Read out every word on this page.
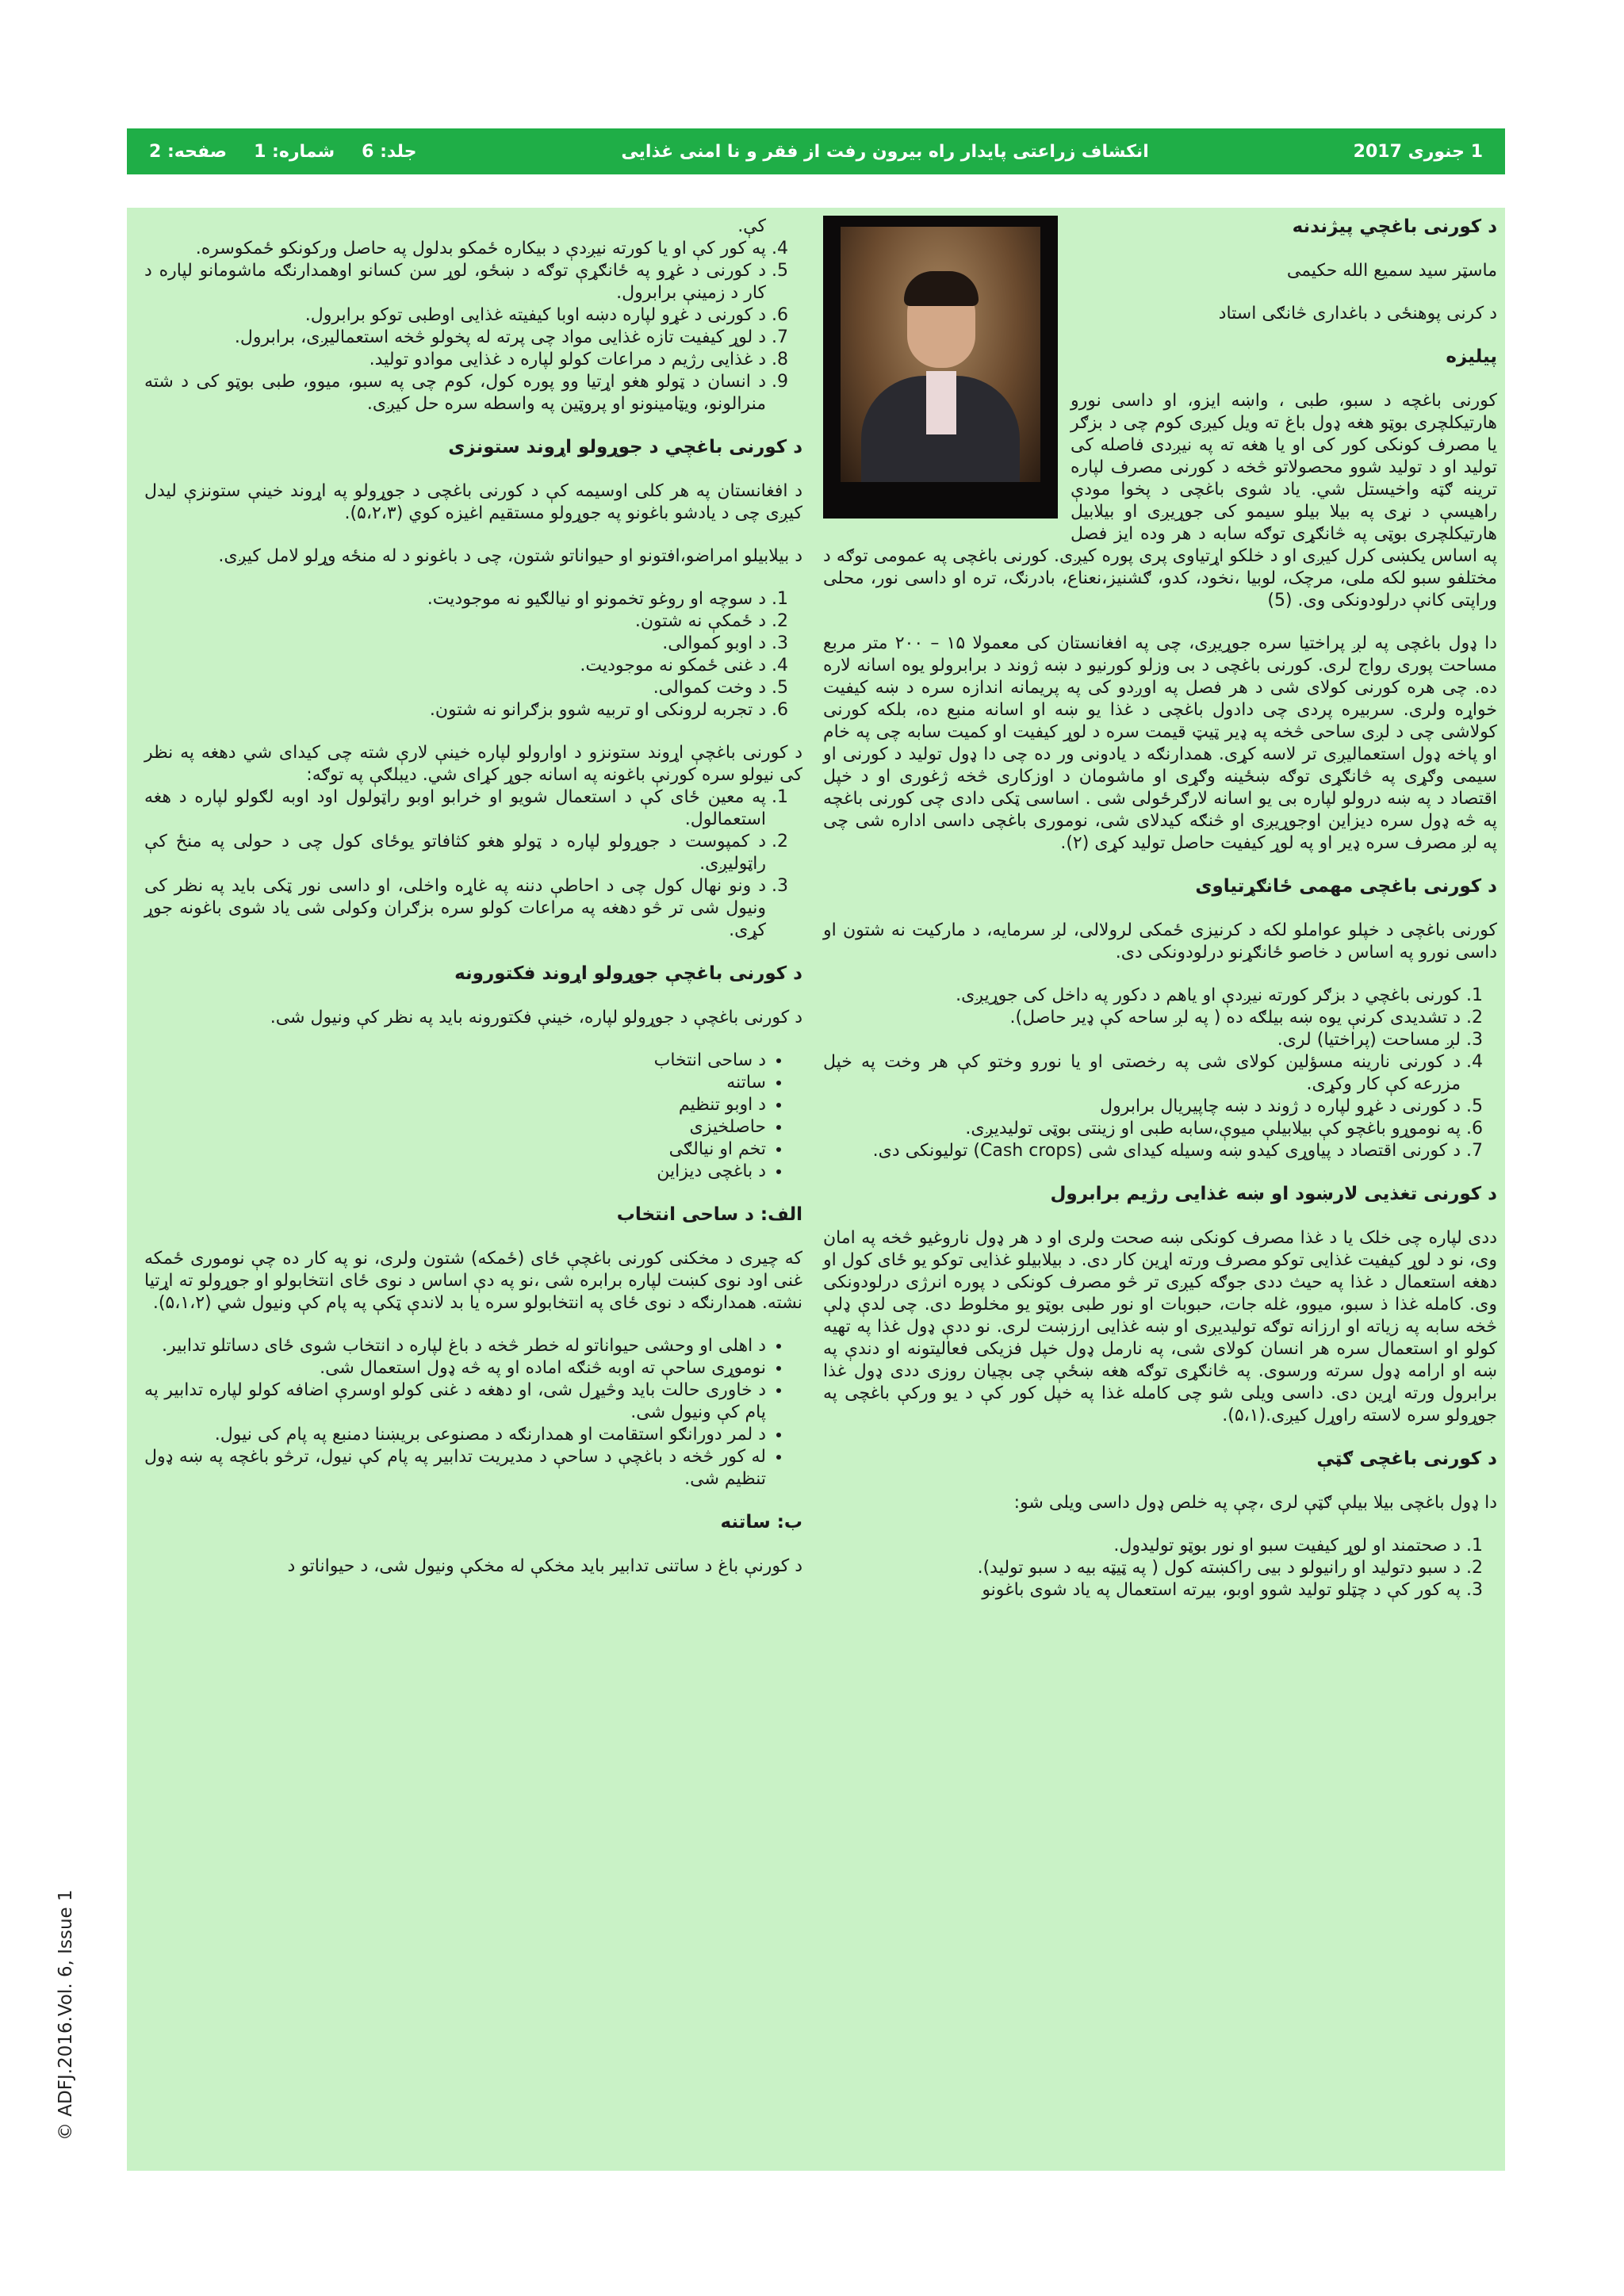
1 جنوری 2017
انکشاف زراعتی پایدار راه بیرون رفت از فقر و نا امنی غذایی
جلد: 6
شماره: 1
صفحه: 2
د کورنی باغچي پیژندنه

ماسټر سید سمیع الله حکیمی

د کرنی پوهنځی د باغداری څانګی استاد

پیلیزه

کورنی باغچه د سبو، طبی ، واښه ایزو، او داسی نورو هارتیکلچری بوټو هغه ډول باغ ته ویل کیږی کوم چی د بزګر یا مصرف کونکی کور کی او یا هغه ته په نیږدی فاصله کی تولید او د تولید شوو محصولاتو څخه د کورنی مصرف لپاره ترینه ګټه واخیستل شي. یاد شوی باغچی د پخوا مودې راهیسې د نړی په بیلا بیلو سیمو کی جوړیږی او بیلابیل هارتیکلچری بوټی په څانګړی توګه سابه د هر وده ایز فصل په اساس یکښی کرل کیږی او د خلکو اړتیاوی پری پوره کیږی. کورنی باغچی په عمومی توګه د مختلفو سبو لکه ملی، مرچک، لوبیا ،نخود، کدو، ګشنیز،نعناع، بادرنګ، تره او داسی نور، محلی وراپتی کانې درلودونکی وی. (5)

دا ډول باغچی په لږ پراختیا سره جوړیږی، چی په افغانستان کی معمولا ۱۵ – ۲۰۰ متر مربع مساحت پوری رواج لری. کورنی باغچی د بی وزلو کورنیو د ښه ژوند د برابرولو یوه اسانه لاره ده. چی هره کورنی کولای شی د هر فصل په اوږدو کی په پریمانه اندازه سره د ښه کیفیت خواړه ولری. سربیره پردی چی دادول باغچی د غذا یو ښه او اسانه منبع ده، بلکه کورنی کولاشی چی د لږی ساحی څخه په ډیر ټیټ قیمت سره د لوړ کیفیت او کمیت سابه چی په خام او پاخه ډول استعمالیږی تر لاسه کړی. همدارنګه د یادونی ور ده چی دا ډول تولید د کورنی او سیمی وګړی په څانګړی توګه ښځینه وګړی او ماشومان د اوزکاری څخه ژغوری او د خپل اقتصاد د په ښه درولو لپاره بی یو اسانه لارګرځولی شی . اساسی ټکی دادی چی کورنی باغچه په څه ډول سره دیزاین اوجوړیږی او څنګه کیدلای شی، نوموری باغچی داسی اداره شی چی په لږ مصرف سره ډیر او په لوړ کیفیت حاصل تولید کړی (۲).

د کورنی باغچی مهمی ځانګړتیاوی

کورنی باغچی د خپلو عواملو لکه د کرنیزی ځمکی لرولالی، لږ سرمایه، د مارکیت نه شتون او داسی نورو په اساس د خاصو ځانګړنو درلودونکی دی.

1. کورنی باغچي د بزګر کورته نیږدې او یاهم د دکور په داخل کی جوړیږی.
2. د تشدیدی کرنې یوه ښه بیلګه ده ( په لږ ساحه کې ډیر حاصل).
3. لږ مساحت (پراختیا) لری.
4. د کورنی نارینه مسؤلین کولای شی په رخصتی او یا نورو وختو کې هر وخت په خپل مزرعه کې کار وکړی.
5. د کورنی د غړو لپاره د ژوند د ښه چاپیریال برابرول
6. په نوموړو باغچو کې بیلابیلې میوې،سابه طبی او زینتی بوټی تولیدیږی.
7. د کورنی اقتصاد د پیاوړی کیدو ښه وسیله کیدای شی (Cash crops) تولیونکی دی.
د کورنی تغذیی لارښود او ښه غذایی رژیم برابرول

ددی لپاره چی خلک یا د غذا مصرف کونکی ښه صحت ولری او د هر ډول ناروغیو څخه په امان وی، نو د لوړ کیفیت غذایی توکو مصرف ورته اړین کار دی. د بیلابیلو غذایی توکو یو ځای کول او دهغه استعمال د غذا په حیث ددی جوګه کیږی تر څو مصرف کونکی د پوره انرژی درلودونکی وی. کامله غذا ذ سبو، میوو، غله جات، حبوبات او نور طبی بوټو یو مخلوط دی. چی لدې ډلې څخه سابه په زیاته او ارزانه توګه تولیدیږی او ښه غذایی ارزښت لری. نو ددې ډول غذا په تهیه کولو او استعمال سره هر انسان کولای شی، په نارمل ډول خپل فزیکی فعالیتونه او دندې په ښه او ارامه ډول سرته ورسوی. په څانګړی توګه هغه ښځې چی بچیان روزی ددی ډول غذا برابرول ورته اړین دی. داسی ویلی شو چی کامله غذا په خپل کور کې د یو ورکې باغچی په جوړولو سره لاسته راوړل کیږی.(۵،۱).

د کورنی باغچی ګټې

دا ډول باغچی بیلا بیلې ګټې لری ،چې په خلص ډول داسی ویلی شو:

1. د صحتمند او لوړ کیفیت سبو او نور بوټو تولیدول.
2. د سبو دتولید او رانیولو د بیی راکښته کول ( په ټیټه بیه د سبو تولید).
3. په کور کې د چټلو تولید شوو اوبو، بیرته استعمال په یاد شوی باغونو

کې.

4. په کور کې او یا کورته نیږدې د بیکاره ځمکو بدلول په حاصل ورکونکو ځمکوسره.
5. د کورنی د غړو په ځانګړې توګه د ښځو، لوړ سن کسانو اوهمدارنګه ماشومانو لپاره د کار د زمینې برابرول.
6. د کورنی د غړو لپاره دښه اوبا کیفیته غذایی اوطبی توکو برابرول.
7. د لوړ کیفیت تازه غذایی مواد چی پرته له پخولو څخه استعمالیږی، برابرول.
8. د غذایی رژیم د مراعات کولو لپاره د غذایی موادو تولید.
9. د انسان د ټولو هغو اړتیا وو پوره کول، کوم چی په سبو، میوو، طبی بوټو کی د شته منرالونو، ویټامینونو او پروټین په واسطه سره حل کیږی.
د کورنی باغچي د جوړولو اړوند ستونزی

د افغانستان په هر کلی اوسیمه کې د کورنی باغچی د جوړولو په اړوند خینې ستونزې لیدل کیږی چی د یادشو باغونو په جوړولو مستقیم اغیزه کوي (۵،۲،۳).

د بیلابیلو امراضو،افتونو او حیواناتو شتون، چی د باغونو د له منځه وړلو لامل کیږی.

1. د سوچه او روغو تخمونو او نیالګیو نه موجودیت.
2. د ځمکې نه شتون.
3. د اوبو کموالی.
4. د غنی ځمکو نه موجودیت.
5. د وخت کموالی.
6. د تجربه لرونکی او تربیه شوو بزګرانو نه شتون.

د کورنی باغچې اړوند ستونزو د اوارولو لپاره خینې لارې شته چی کیدای شي دهغه په نظر کی نیولو سره کورنې باغونه په اسانه جوړ کړای شي. دیبلګې په توګه:

1. په معین ځای کې د استعمال شویو او خرابو اوبو راټولول اود اوبه لګولو لپاره د هغه استعمالول.
2. د کمپوست د جوړولو لپاره د ټولو هغو کثافاتو یوځای کول چی د حولی په منځ کې راټولیږی.
3. د ونو نهال کول چی د احاطې دننه په غاړه واخلی، او داسی نور ټکی باید په نظر کی ونیول شی تر څو دهغه په مراعات کولو سره بزګران وکولی شی یاد شوی باغونه جوړ کړی.
د کورنی باغچې جوړولو اړوند فکتورونه

د کورنی باغچې د جوړولو لپاره، خینې فکتورونه باید په نظر کې ونیول شی.

• د ساحی انتخاب
• ساتنه
• د اوبو تنظیم
• حاصلخیزی
• تخم او نیالګی
• د باغچی دیزاین
الف: د ساحی انتخاب

که چیری د مخکنی کورنی باغچې ځای (ځمکه) شتون ولری، نو په کار ده چې نوموری ځمکه غنی اود نوی کښت لپاره برابره شی ،نو په دې اساس د نوی ځای انتخابولو او جوړولو ته اړتیا نشته. همدارنګه د نوی ځای په انتخابولو سره یا بد لاندې ټکې په پام کې ونیول شي (۵،۱،۲).

• د اهلی او وحشی حیواناتو له خطر څخه د باغ لپاره د انتخاب شوی ځای دساتلو تدابیر.
• نوموړی ساحې ته اوبه څنګه اماده او په څه ډول استعمال شی.
• د خاوری حالت باید وڅیړل شی، او دهغه د غنی کولو اوسرې اضافه کولو لپاره تدابیر په پام کې ونیول شی.
• د لمر دورانګو استقامت او همدارنګه د مصنوعی بریښنا دمنبع په پام کی نیول.
• له کور څخه د باغچې د ساحې د مدیریت تدابیر په پام کې نیول، ترڅو باغچه په ښه ډول تنظیم شی.
ب: ساتنه

د کورنې باغ د ساتنی تدابیر باید مخکې له مخکې ونیول شی، د حیواناتو د

© ADFJ.2016.Vol. 6, Issue 1
